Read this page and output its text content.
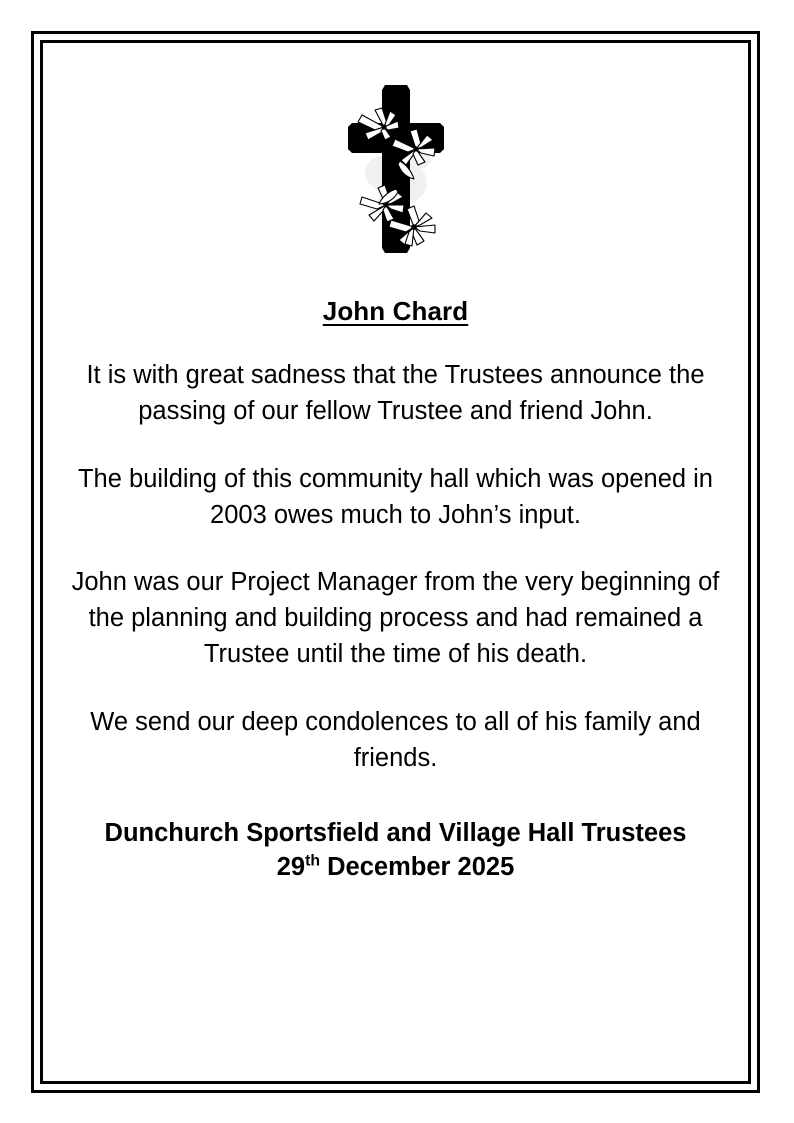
John Chard

It is with great sadness that the Trustees announce the passing of our fellow Trustee and friend John.

The building of this community hall which was opened in 2003 owes much to John’s input.

John was our Project Manager from the very beginning of the planning and building process and had remained a Trustee until the time of his death.

We send our deep condolences to all of his family and friends.

Dunchurch Sportsfield and Village Hall Trustees

29th December 2025
